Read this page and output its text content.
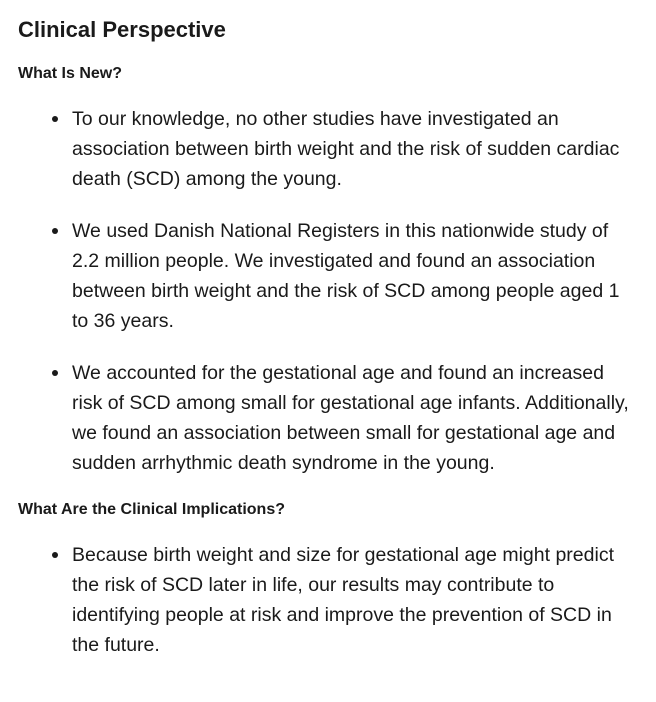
Clinical Perspective
What Is New?
To our knowledge, no other studies have investigated an association between birth weight and the risk of sudden cardiac death (SCD) among the young.
We used Danish National Registers in this nationwide study of 2.2 million people. We investigated and found an association between birth weight and the risk of SCD among people aged 1 to 36 years.
We accounted for the gestational age and found an increased risk of SCD among small for gestational age infants. Additionally, we found an association between small for gestational age and sudden arrhythmic death syndrome in the young.
What Are the Clinical Implications?
Because birth weight and size for gestational age might predict the risk of SCD later in life, our results may contribute to identifying people at risk and improve the prevention of SCD in the future.
